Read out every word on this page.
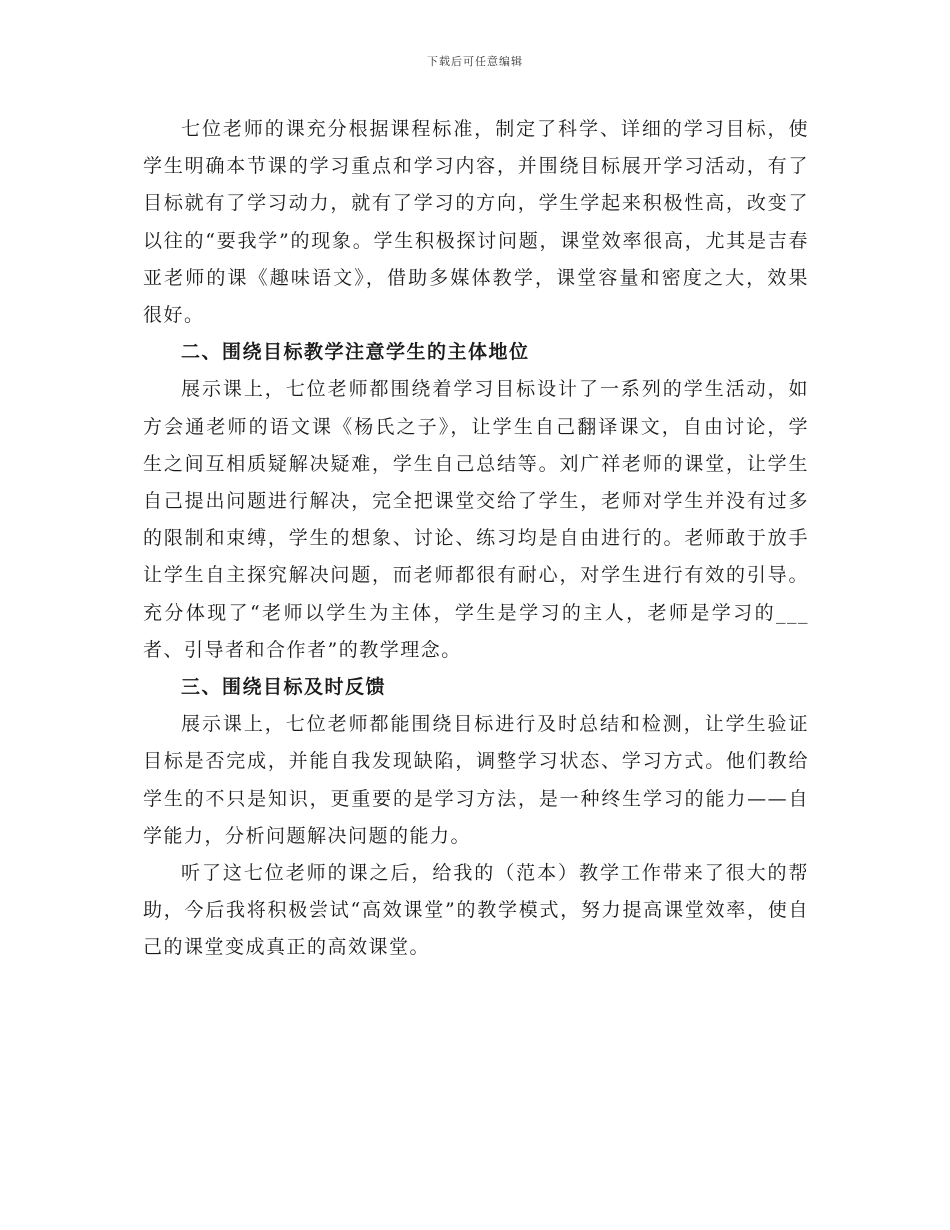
下载后可任意编辑

七位老师的课充分根据课程标准，制定了科学、详细的学习目标，使学生明确本节课的学习重点和学习内容，并围绕目标展开学习活动，有了目标就有了学习动力，就有了学习的方向，学生学起来积极性高，改变了以往的“要我学”的现象。学生积极探讨问题，课堂效率很高，尤其是吉春亚老师的课《趣味语文》，借助多媒体教学，课堂容量和密度之大，效果很好。

二、围绕目标教学注意学生的主体地位

展示课上，七位老师都围绕着学习目标设计了一系列的学生活动，如方会通老师的语文课《杨氏之子》，让学生自己翻译课文，自由讨论，学生之间互相质疑解决疑难，学生自己总结等。刘广祥老师的课堂，让学生自己提出问题进行解决，完全把课堂交给了学生，老师对学生并没有过多的限制和束缚，学生的想象、讨论、练习均是自由进行的。老师敢于放手让学生自主探究解决问题，而老师都很有耐心，对学生进行有效的引导。充分体现了“老师以学生为主体，学生是学习的主人，老师是学习的___者、引导者和合作者”的教学理念。

三、围绕目标及时反馈

展示课上，七位老师都能围绕目标进行及时总结和检测，让学生验证目标是否完成，并能自我发现缺陷，调整学习状态、学习方式。他们教给学生的不只是知识，更重要的是学习方法，是一种终生学习的能力——自学能力，分析问题解决问题的能力。

听了这七位老师的课之后，给我的（范本）教学工作带来了很大的帮助，今后我将积极尝试“高效课堂”的教学模式，努力提高课堂效率，使自己的课堂变成真正的高效课堂。
